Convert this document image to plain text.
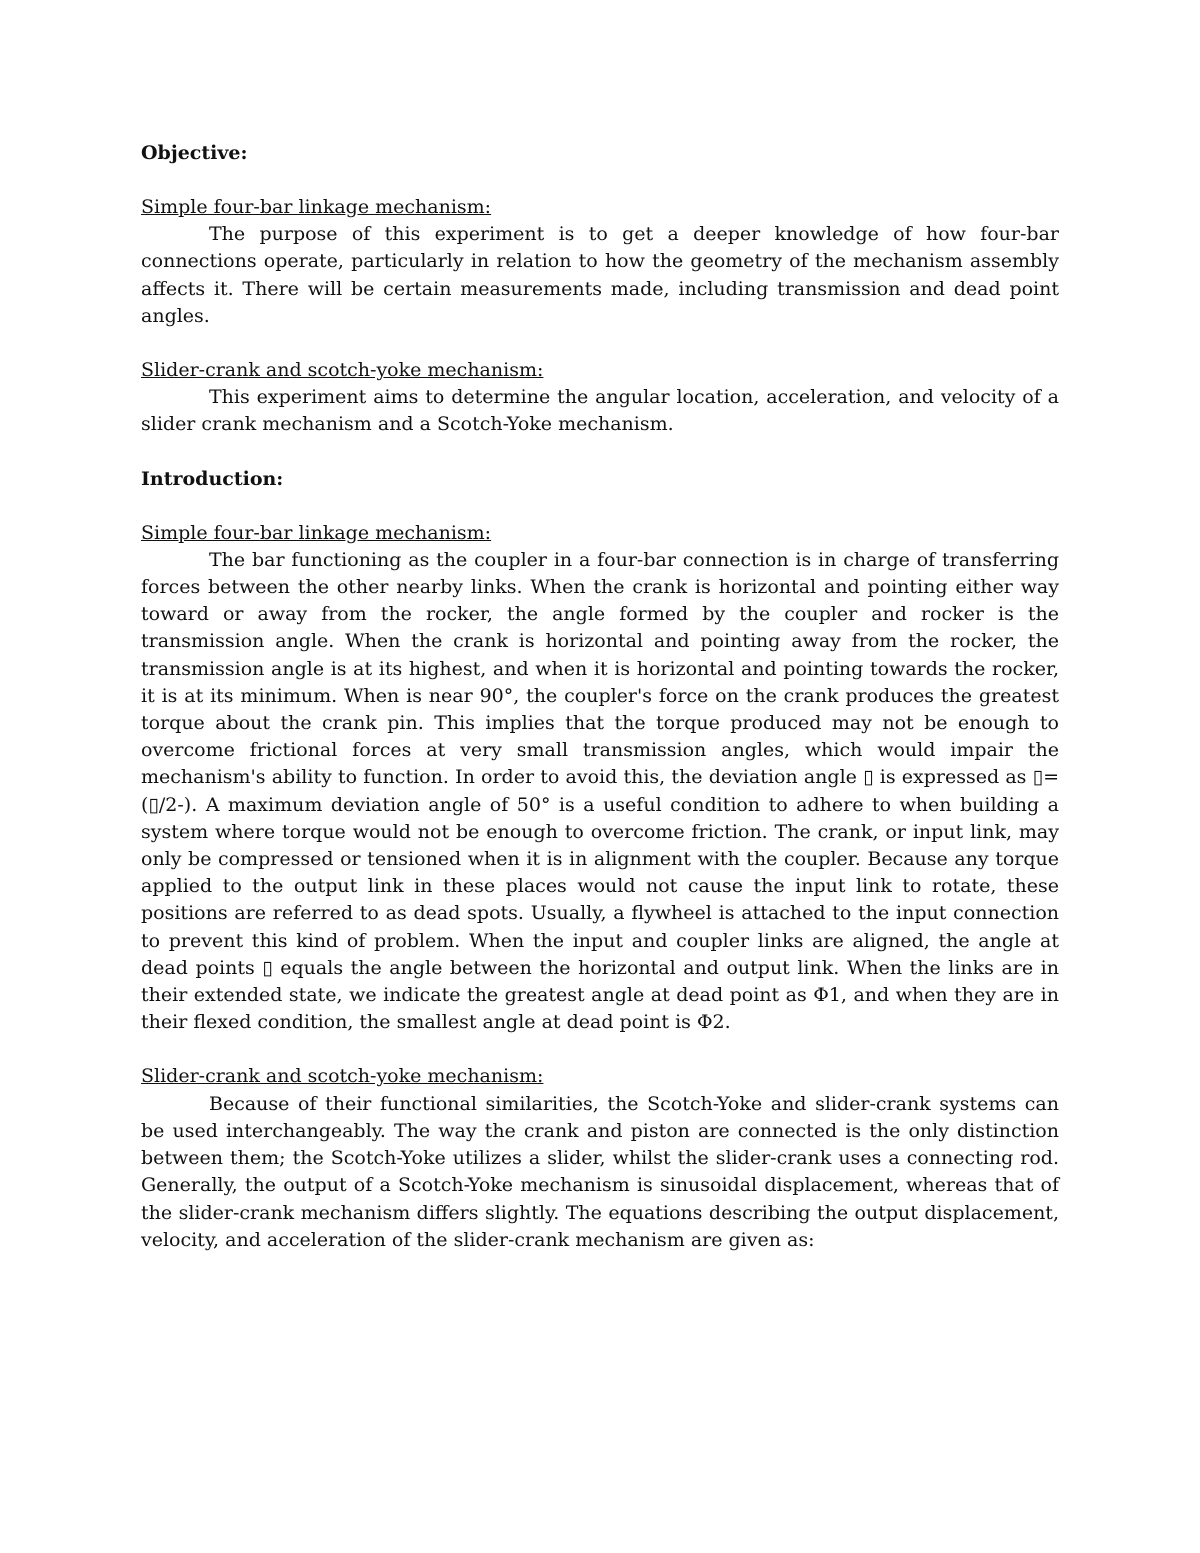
Objective:

Simple four-bar linkage mechanism:

The purpose of this experiment is to get a deeper knowledge of how four-bar connections operate, particularly in relation to how the geometry of the mechanism assembly affects it. There will be certain measurements made, including transmission and dead point angles.

Slider-crank and scotch-yoke mechanism:

This experiment aims to determine the angular location, acceleration, and velocity of a slider crank mechanism and a Scotch-Yoke mechanism.

Introduction:

Simple four-bar linkage mechanism:

The bar functioning as the coupler in a four-bar connection is in charge of transferring forces between the other nearby links. When the crank is horizontal and pointing either way toward or away from the rocker, the angle formed by the coupler and rocker is the transmission angle. When the crank is horizontal and pointing away from the rocker, the transmission angle is at its highest, and when it is horizontal and pointing towards the rocker, it is at its minimum. When is near 90°, the coupler's force on the crank produces the greatest torque about the crank pin. This implies that the torque produced may not be enough to overcome frictional forces at very small transmission angles, which would impair the mechanism's ability to function. In order to avoid this, the deviation angle ▯ is expressed as ▯= (▯/2-). A maximum deviation angle of 50° is a useful condition to adhere to when building a system where torque would not be enough to overcome friction. The crank, or input link, may only be compressed or tensioned when it is in alignment with the coupler. Because any torque applied to the output link in these places would not cause the input link to rotate, these positions are referred to as dead spots. Usually, a flywheel is attached to the input connection to prevent this kind of problem. When the input and coupler links are aligned, the angle at dead points ▯ equals the angle between the horizontal and output link. When the links are in their extended state, we indicate the greatest angle at dead point as Φ1, and when they are in their flexed condition, the smallest angle at dead point is Φ2.

Slider-crank and scotch-yoke mechanism:

Because of their functional similarities, the Scotch-Yoke and slider-crank systems can be used interchangeably. The way the crank and piston are connected is the only distinction between them; the Scotch-Yoke utilizes a slider, whilst the slider-crank uses a connecting rod. Generally, the output of a Scotch-Yoke mechanism is sinusoidal displacement, whereas that of the slider-crank mechanism differs slightly. The equations describing the output displacement, velocity, and acceleration of the slider-crank mechanism are given as:
